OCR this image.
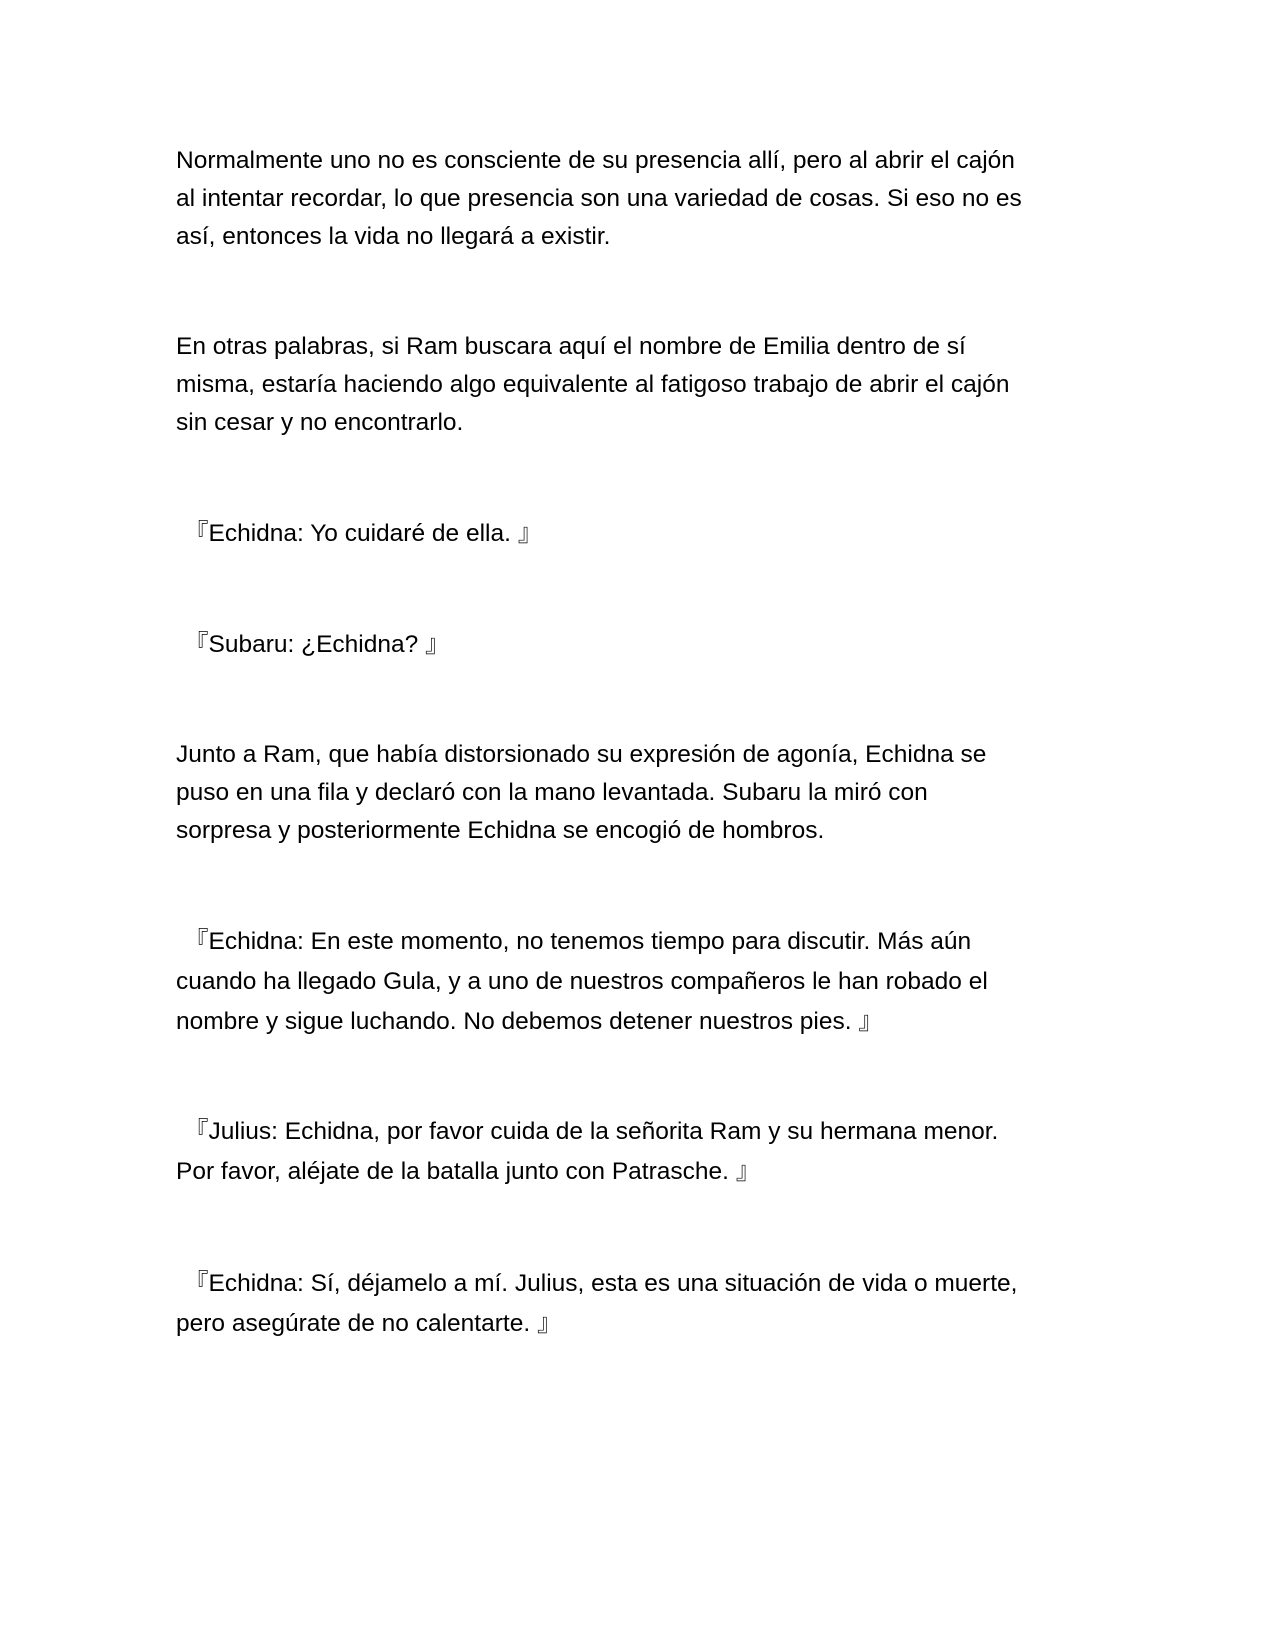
Normalmente uno no es consciente de su presencia allí, pero al abrir el cajón
al intentar recordar, lo que presencia son una variedad de cosas. Si eso no es
así, entonces la vida no llegará a existir.

En otras palabras, si Ram buscara aquí el nombre de Emilia dentro de sí
misma, estaría haciendo algo equivalente al fatigoso trabajo de abrir el cajón
sin cesar y no encontrarlo.

『Echidna: Yo cuidaré de ella. 』

『Subaru: ¿Echidna? 』

Junto a Ram, que había distorsionado su expresión de agonía, Echidna se
puso en una fila y declaró con la mano levantada. Subaru la miró con
sorpresa y posteriormente Echidna se encogió de hombros.

『Echidna: En este momento, no tenemos tiempo para discutir. Más aún
cuando ha llegado Gula, y a uno de nuestros compañeros le han robado el
nombre y sigue luchando. No debemos detener nuestros pies. 』

『Julius: Echidna, por favor cuida de la señorita Ram y su hermana menor.
Por favor, aléjate de la batalla junto con Patrasche. 』

『Echidna: Sí, déjamelo a mí. Julius, esta es una situación de vida o muerte,
pero asegúrate de no calentarte. 』
